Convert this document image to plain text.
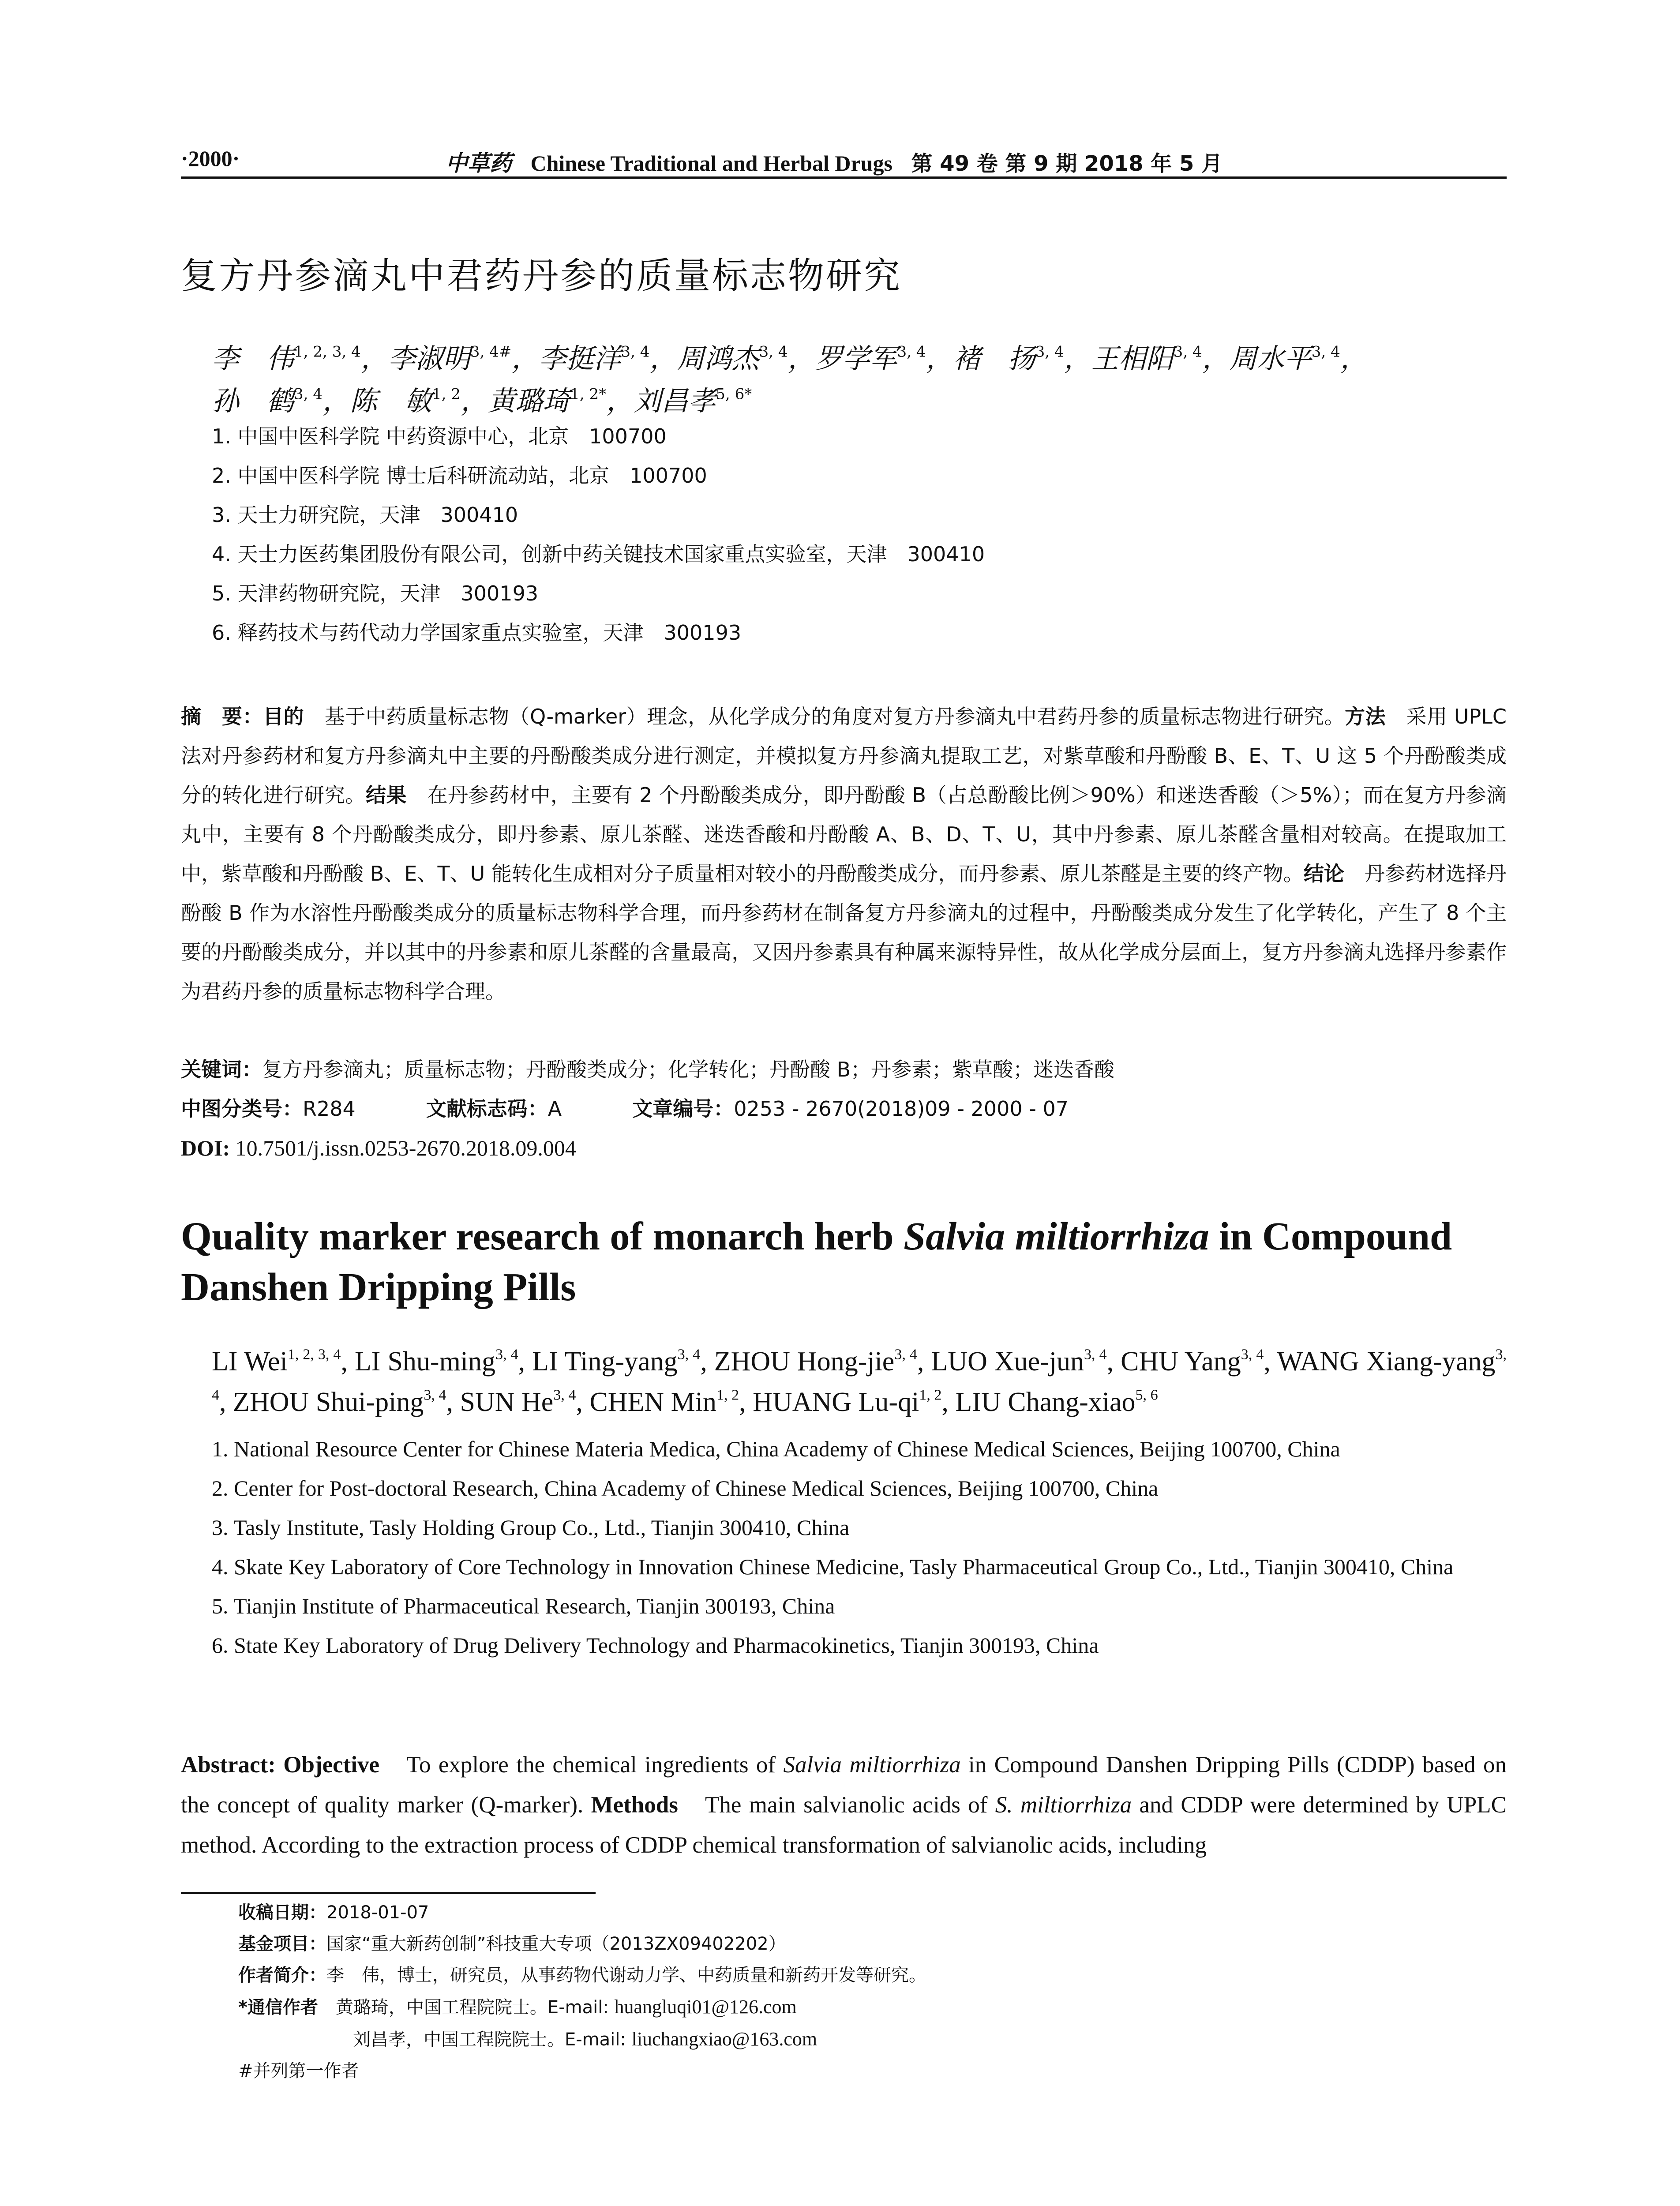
·2000·	中草药 Chinese Traditional and Herbal Drugs 第 49 卷 第 9 期 2018 年 5 月
复方丹参滴丸中君药丹参的质量标志物研究
李　伟$^{1, 2, 3, 4}$，李淑明$^{3, 4\#}$，李挺洋$^{3, 4}$，周鸿杰$^{3, 4}$，罗学军$^{3, 4}$，褚　扬$^{3, 4}$，王相阳$^{3, 4}$，周水平$^{3, 4}$，
孙　鹤$^{3, 4}$，陈　敏$^{1, 2}$，黄璐琦$^{1, 2*}$，刘昌孝$^{5, 6*}$
1. 中国中医科学院 中药资源中心，北京　100700
2. 中国中医科学院 博士后科研流动站，北京　100700
3. 天士力研究院，天津　300410
4. 天士力医药集团股份有限公司，创新中药关键技术国家重点实验室，天津　300410
5. 天津药物研究院，天津　300193
6. 释药技术与药代动力学国家重点实验室，天津　300193
摘　要：目的　基于中药质量标志物（Q-marker）理念，从化学成分的角度对复方丹参滴丸中君药丹参的质量标志物进行研究。方法　采用 UPLC 法对丹参药材和复方丹参滴丸中主要的丹酚酸类成分进行测定，并模拟复方丹参滴丸提取工艺，对紫草酸和丹酚酸 B、E、T、U 这 5 个丹酚酸类成分的转化进行研究。结果　在丹参药材中，主要有 2 个丹酚酸类成分，即丹酚酸 B（占总酚酸比例＞90%）和迷迭香酸（＞5%）；而在复方丹参滴丸中，主要有 8 个丹酚酸类成分，即丹参素、原儿茶醛、迷迭香酸和丹酚酸 A、B、D、T、U，其中丹参素、原儿茶醛含量相对较高。在提取加工中，紫草酸和丹酚酸 B、E、T、U 能转化生成相对分子质量相对较小的丹酚酸类成分，而丹参素、原儿茶醛是主要的终产物。结论　丹参药材选择丹酚酸 B 作为水溶性丹酚酸类成分的质量标志物科学合理，而丹参药材在制备复方丹参滴丸的过程中，丹酚酸类成分发生了化学转化，产生了 8 个主要的丹酚酸类成分，并以其中的丹参素和原儿茶醛的含量最高，又因丹参素具有种属来源特异性，故从化学成分层面上，复方丹参滴丸选择丹参素作为君药丹参的质量标志物科学合理。
关键词：复方丹参滴丸；质量标志物；丹酚酸类成分；化学转化；丹酚酸 B；丹参素；紫草酸；迷迭香酸
中图分类号：R284	文献标志码：A	文章编号：0253 - 2670(2018)09 - 2000 - 07
DOI: 10.7501/j.issn.0253-2670.2018.09.004
Quality marker research of monarch herb Salvia miltiorrhiza in Compound Danshen Dripping Pills
LI Wei$^{1, 2, 3, 4}$, LI Shu-ming$^{3, 4}$, LI Ting-yang$^{3, 4}$, ZHOU Hong-jie$^{3, 4}$, LUO Xue-jun$^{3, 4}$, CHU Yang$^{3, 4}$, WANG Xiang-yang$^{3, 4}$, ZHOU Shui-ping$^{3, 4}$, SUN He$^{3, 4}$, CHEN Min$^{1, 2}$, HUANG Lu-qi$^{1, 2}$, LIU Chang-xiao$^{5, 6}$
1. National Resource Center for Chinese Materia Medica, China Academy of Chinese Medical Sciences, Beijing 100700, China
2. Center for Post-doctoral Research, China Academy of Chinese Medical Sciences, Beijing 100700, China
3. Tasly Institute, Tasly Holding Group Co., Ltd., Tianjin 300410, China
4. Skate Key Laboratory of Core Technology in Innovation Chinese Medicine, Tasly Pharmaceutical Group Co., Ltd., Tianjin 300410, China
5. Tianjin Institute of Pharmaceutical Research, Tianjin 300193, China
6. State Key Laboratory of Drug Delivery Technology and Pharmacokinetics, Tianjin 300193, China
Abstract: Objective　To explore the chemical ingredients of Salvia miltiorrhiza in Compound Danshen Dripping Pills (CDDP) based on the concept of quality marker (Q-marker). Methods　The main salvianolic acids of S. miltiorrhiza and CDDP were determined by UPLC method. According to the extraction process of CDDP chemical transformation of salvianolic acids, including
收稿日期：2018-01-07
基金项目：国家“重大新药创制”科技重大专项（2013ZX09402202）
作者简介：李　伟，博士，研究员，从事药物代谢动力学、中药质量和新药开发等研究。
*通信作者　黄璐琦，中国工程院院士。E-mail: huangluqi01@126.com
刘昌孝，中国工程院院士。E-mail: liuchangxiao@163.com
#并列第一作者
